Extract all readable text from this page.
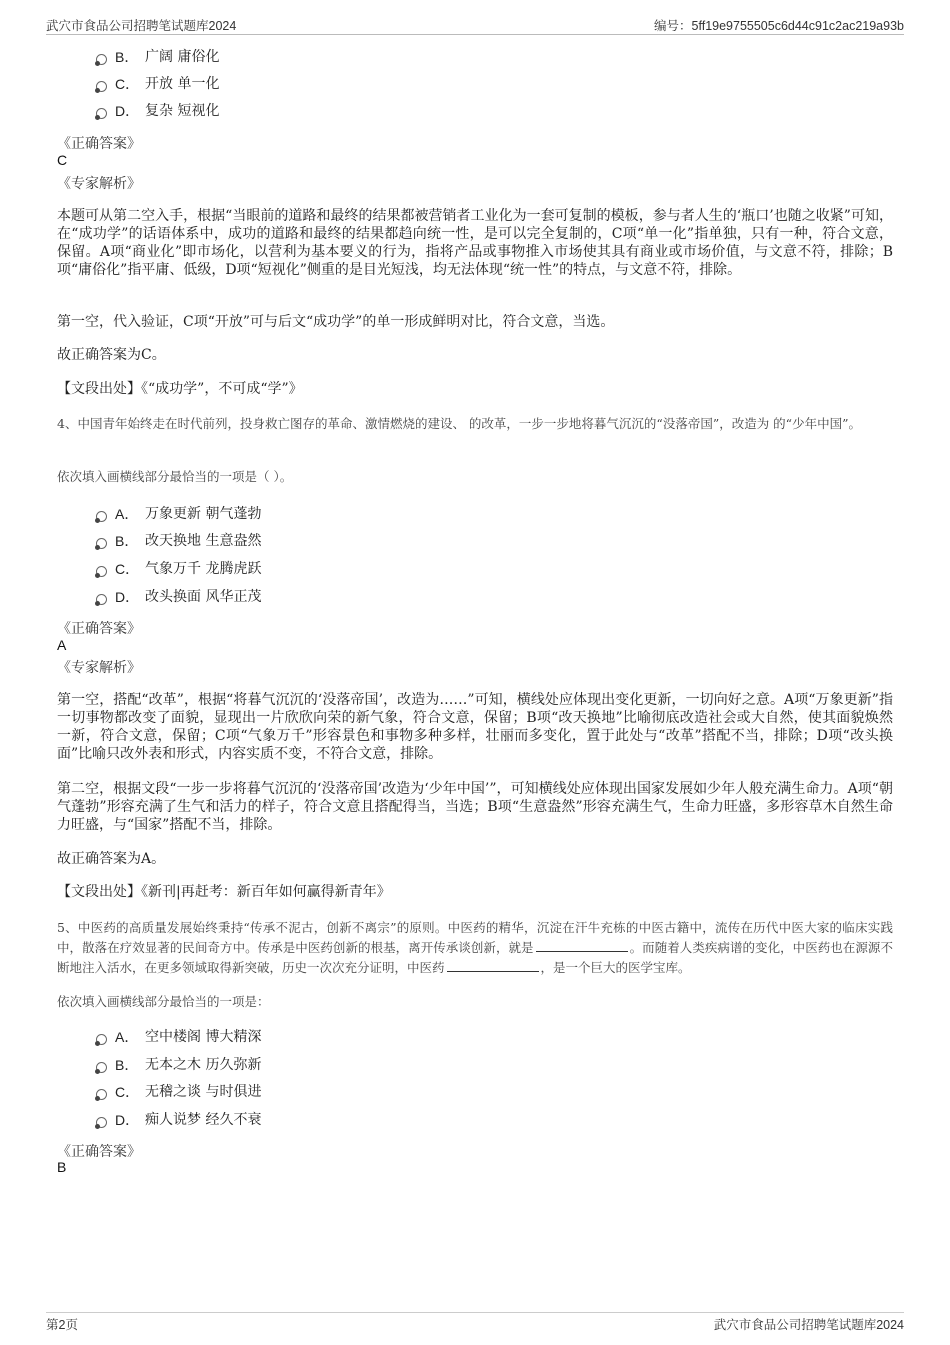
武穴市食品公司招聘笔试题库2024	编号：5ff19e9755505c6d44c91c2ac219a93b
B． 广阔 庸俗化
C． 开放 单一化
D． 复杂 短视化
《正确答案》
C
《专家解析》
本题可从第二空入手，根据“当眼前的道路和最终的结果都被营销者工业化为一套可复制的模板，参与者人生的‘瓶口’也随之收紧”可知，在“成功学”的话语体系中，成功的道路和最终的结果都趋向统一性，是可以完全复制的，C项“单一化”指单独，只有一种，符合文意，保留。A项“商业化”即市场化，以营利为基本要义的行为，指将产品或事物推入市场使其具有商业或市场价值，与文意不符，排除；B项“庸俗化”指平庸、低级，D项“短视化”侧重的是目光短浅，均无法体现“统一性”的特点，与文意不符，排除。
第一空，代入验证，C项“开放”可与后文“成功学”的单一形成鲜明对比，符合文意，当选。
故正确答案为C。
【文段出处】《“成功学”，不可成“学”》
4、中国青年始终走在时代前列，投身救亡图存的革命、激情燃烧的建设、 的改革，一步一步地将暮气沉沉的“没落帝国”，改造为 的“少年中国”。
依次填入画横线部分最恰当的一项是（ ）。
A． 万象更新 朝气蓬勃
B． 改天换地 生意盎然
C． 气象万千 龙腾虎跃
D． 改头换面 风华正茂
《正确答案》
A
《专家解析》
第一空，搭配“改革”，根据“将暮气沉沉的‘没落帝国’，改造为……”可知，横线处应体现出变化更新，一切向好之意。A项“万象更新”指一切事物都改变了面貌，显现出一片欣欣向荣的新气象，符合文意，保留；B项“改天换地”比喻彻底改造社会或大自然，使其面貌焕然一新，符合文意，保留；C项“气象万千”形容景色和事物多种多样，壮丽而多变化，置于此处与“改革”搭配不当，排除；D项“改头换面”比喻只改外表和形式，内容实质不变，不符合文意，排除。
第二空，根据文段“一步一步将暮气沉沉的‘没落帝国’改造为‘少年中国’”，可知横线处应体现出国家发展如少年人般充满生命力。A项“朝气蓬勃”形容充满了生气和活力的样子，符合文意且搭配得当，当选；B项“生意盎然”形容充满生气，生命力旺盛，多形容草木自然生命力旺盛，与“国家”搭配不当，排除。
故正确答案为A。
【文段出处】《新刊|再赶考：新百年如何赢得新青年》
5、中医药的高质量发展始终秉持“传承不泥古，创新不离宗”的原则。中医药的精华，沉淀在汗牛充栋的中医古籍中，流传在历代中医大家的临床实践中，散落在疗效显著的民间奇方中。传承是中医药创新的根基，离开传承谈创新，就是	。而随着人类疾病谱的变化，中医药也在源源不断地注入活水，在更多领域取得新突破，历史一次次充分证明，中医药	，是一个巨大的医学宝库。
依次填入画横线部分最恰当的一项是：
A． 空中楼阁 博大精深
B． 无本之木 历久弥新
C． 无稽之谈 与时俱进
D． 痴人说梦 经久不衰
《正确答案》
B
第2页	武穴市食品公司招聘笔试题库2024
